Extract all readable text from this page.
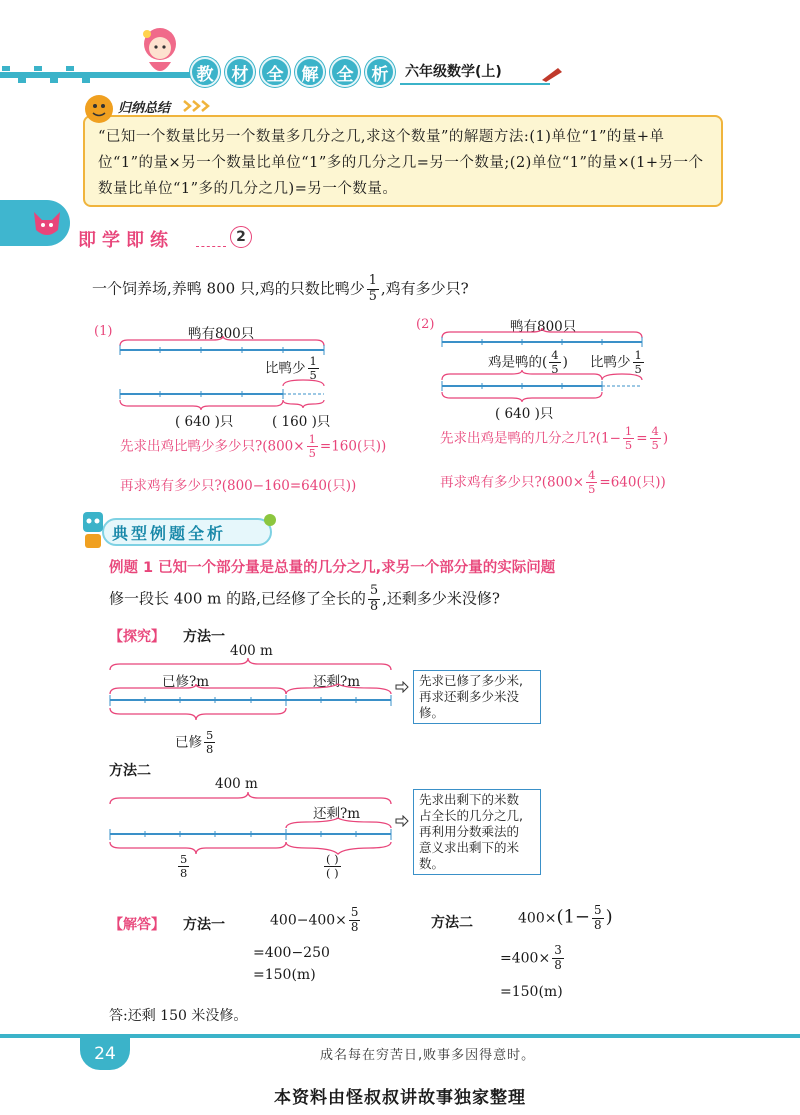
教	材	全	解	全	析	六年级数学(上)
归纳总结
“已知一个数量比另一个数量多几分之几,求这个数量”的解题方法:(1)单位“1”的量+单位“1”的量×另一个数量比单位“1”多的几分之几=另一个数量;(2)单位“1”的量×(1+另一个数量比单位“1”多的几分之几)=另一个数量。
即学即练	2
一个饲养场,养鸭 800 只,鸡的只数比鸭少 $\frac{1}{5}$ ,鸡有多少只?
(1)	鸭有800只
比鸭少 $\frac{1}{5}$
( 640 )只	( 160 )只
先求出鸡比鸭少多少只?(800× $\frac{1}{5} =160$(只))
再求鸡有多少只?(800−160=640(只))
(2)	鸭有800只
鸡是鸭的( $\frac{4}{5}$ ) 比鸭少 $\frac{1}{5}$
( 640 )只
先求出鸡是鸭的几分之几?(1− $\frac{1}{5} = \frac{4}{5}$ )
再求鸡有多少只?(800× $\frac{4}{5} =640$(只))
典型例题全析
例题 1 已知一个部分量是总量的几分之几,求另一个部分量的实际问题
修一段长 400 m 的路,已经修了全长的 $\frac{5}{8}$ ,还剩多少米没修?
【探究】 方法一
400 m
已修?m	还剩?m
已修 $\frac{5}{8}$
先求已修了多少米,
再求还剩多少米没修。
方法二
400 m
还剩?m
$\frac{5}{8}$	$\frac{( )}{( )}$
先求出剩下的米数
占全长的几分之几,
再利用分数乘法的
意义求出剩下的米数。
【解答】 方法一	$400-400\times \frac{5}{8}$
=400−250
=150(m)
方法二	$400\times(1- \frac{5}{8}$ )
$=400\times \frac{3}{8}$
=150(m)
答:还剩 150 米没修。
24	成名每在穷苦日,败事多因得意时。
本资料由怪叔叔讲故事独家整理
